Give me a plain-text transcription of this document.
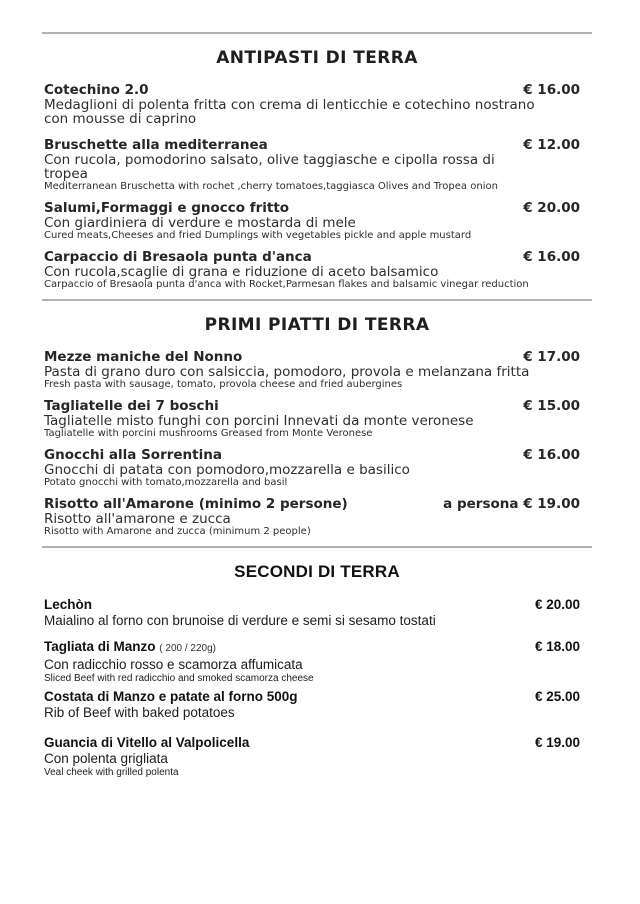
ANTIPASTI DI TERRA
Cotechino 2.0	€ 16.00
Medaglioni di polenta fritta con crema di lenticchie e cotechino nostrano con mousse di caprino
Bruschette alla mediterranea	€ 12.00
Con rucola, pomodorino salsato, olive taggiasche e cipolla rossa di tropea
Mediterranean Bruschetta with rochet ,cherry tomatoes,taggiasca Olives and Tropea onion
Salumi,Formaggi e gnocco fritto	€ 20.00
Con giardiniera di verdure e mostarda di mele
Cured meats,Cheeses and fried Dumplings with vegetables pickle and apple mustard
Carpaccio di Bresaola punta d'anca	€ 16.00
Con rucola,scaglie di grana e riduzione di aceto balsamico
Carpaccio of Bresaola punta d'anca with Rocket,Parmesan flakes and balsamic vinegar reduction
PRIMI PIATTI DI TERRA
Mezze maniche del Nonno	€ 17.00
Pasta di grano duro con salsiccia, pomodoro, provola e melanzana fritta
Fresh pasta with sausage, tomato, provola cheese and fried aubergines
Tagliatelle dei 7 boschi	€ 15.00
Tagliatelle misto funghi con porcini Innevati da monte veronese
Tagliatelle with porcini mushrooms Greased from Monte Veronese
Gnocchi alla Sorrentina	€ 16.00
Gnocchi di patata con pomodoro,mozzarella e basilico
Potato gnocchi with tomato,mozzarella and basil
Risotto all'Amarone (minimo 2 persone)	a persona € 19.00
Risotto all'amarone e zucca
Risotto with Amarone and zucca (minimum 2 people)
SECONDI DI TERRA
Lechòn	€ 20.00
Maialino al forno con brunoise di verdure e semi si sesamo tostati
Tagliata di Manzo ( 200 / 220g)	€ 18.00
Con radicchio rosso e scamorza affumicata
Sliced Beef with red radicchio and smoked scamorza cheese
Costata di Manzo e patate al forno 500g	€ 25.00
Rib of Beef with baked potatoes
Guancia di Vitello al Valpolicella	€ 19.00
Con polenta grigliata
Veal cheek with grilled polenta
